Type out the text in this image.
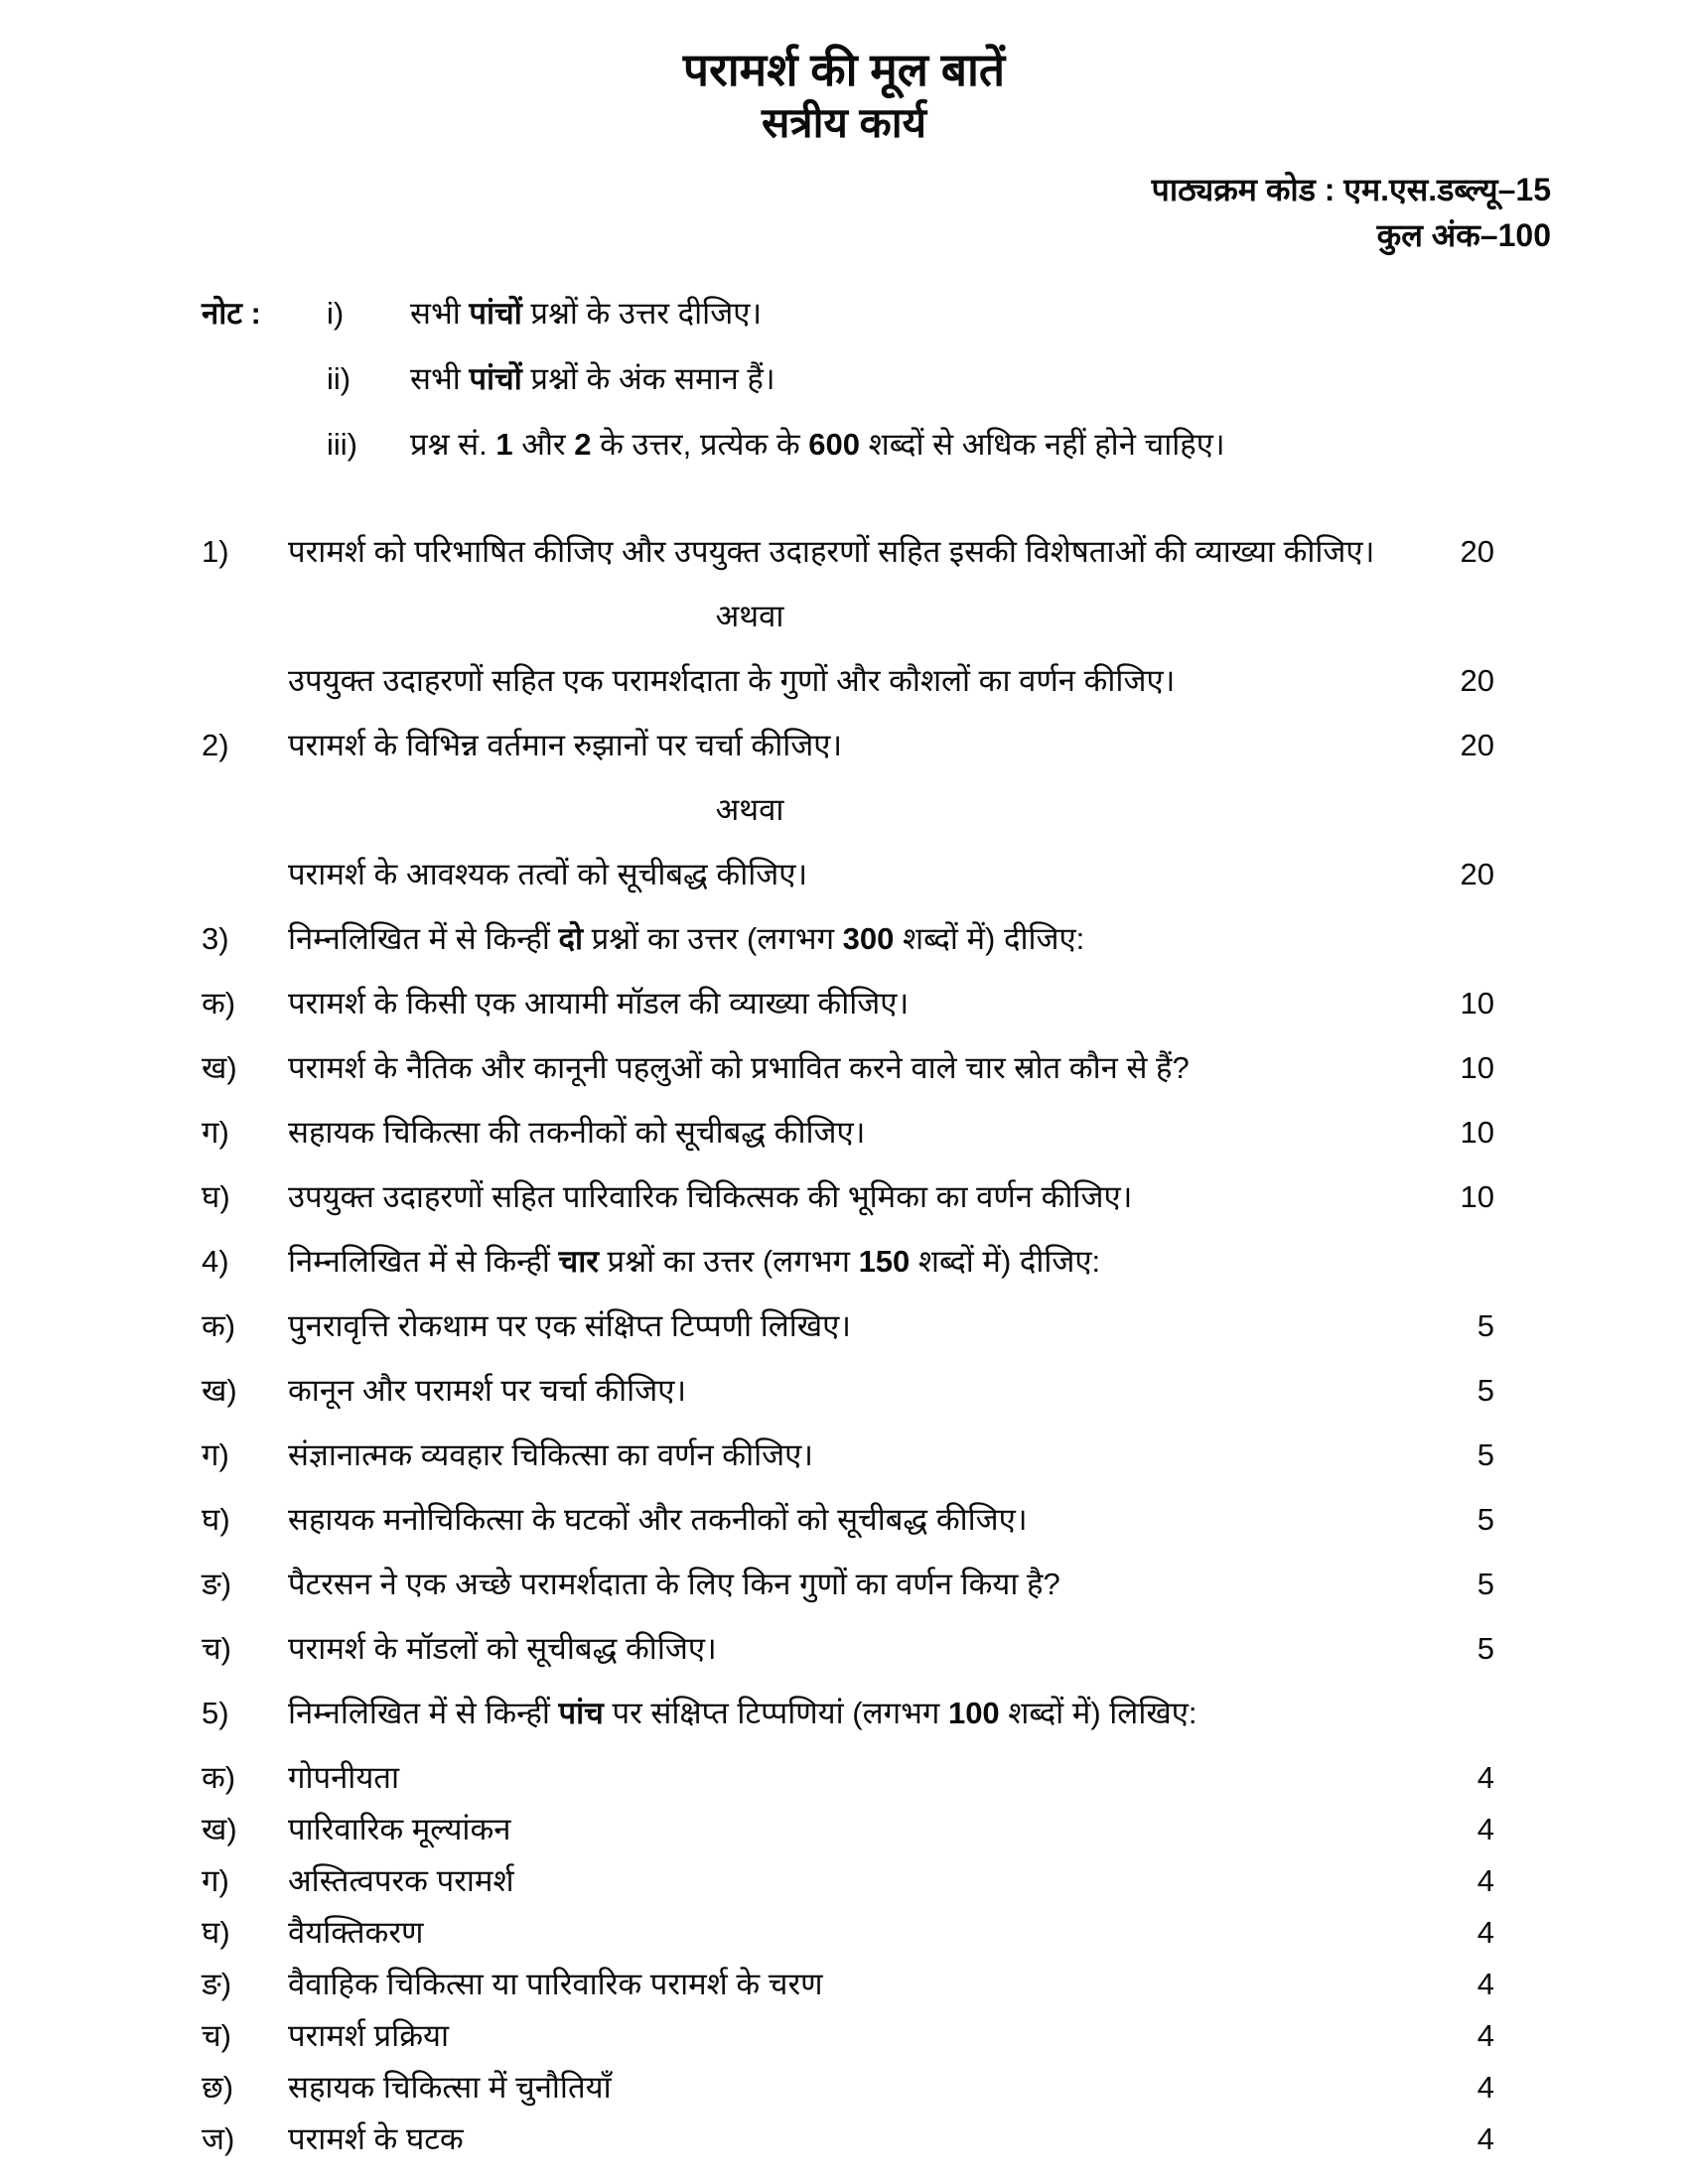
परामर्श की मूल बातें
सत्रीय कार्य
पाठ्यक्रम कोड : एम.एस.डब्ल्यू–15
कुल अंक–100
नोट :	i)	सभी पांचों प्रश्नों के उत्तर दीजिए।
ii)	सभी पांचों प्रश्नों के अंक समान हैं।
iii)	प्रश्न सं. 1 और 2 के उत्तर, प्रत्येक के 600 शब्दों से अधिक नहीं होने चाहिए।
1)	परामर्श को परिभाषित कीजिए और उपयुक्त उदाहरणों सहित इसकी विशेषताओं की व्याख्या कीजिए।	20
अथवा
उपयुक्त उदाहरणों सहित एक परामर्शदाता के गुणों और कौशलों का वर्णन कीजिए।	20
2)	परामर्श के विभिन्न वर्तमान रुझानों पर चर्चा कीजिए।	20
अथवा
परामर्श के आवश्यक तत्वों को सूचीबद्ध कीजिए।	20
3)	निम्नलिखित में से किन्हीं दो प्रश्नों का उत्तर (लगभग 300 शब्दों में) दीजिए:
क)	परामर्श के किसी एक आयामी मॉडल की व्याख्या कीजिए।	10
ख)	परामर्श के नैतिक और कानूनी पहलुओं को प्रभावित करने वाले चार स्रोत कौन से हैं?	10
ग)	सहायक चिकित्सा की तकनीकों को सूचीबद्ध कीजिए।	10
घ)	उपयुक्त उदाहरणों सहित पारिवारिक चिकित्सक की भूमिका का वर्णन कीजिए।	10
4)	निम्नलिखित में से किन्हीं चार प्रश्नों का उत्तर (लगभग 150 शब्दों में) दीजिए:
क)	पुनरावृत्ति रोकथाम पर एक संक्षिप्त टिप्पणी लिखिए।	5
ख)	कानून और परामर्श पर चर्चा कीजिए।	5
ग)	संज्ञानात्मक व्यवहार चिकित्सा का वर्णन कीजिए।	5
घ)	सहायक मनोचिकित्सा के घटकों और तकनीकों को सूचीबद्ध कीजिए।	5
ङ)	पैटरसन ने एक अच्छे परामर्शदाता के लिए किन गुणों का वर्णन किया है?	5
च)	परामर्श के मॉडलों को सूचीबद्ध कीजिए।	5
5)	निम्नलिखित में से किन्हीं पांच पर संक्षिप्त टिप्पणियां (लगभग 100 शब्दों में) लिखिए:
क)	गोपनीयता	4
ख)	पारिवारिक मूल्यांकन	4
ग)	अस्तित्वपरक परामर्श	4
घ)	वैयक्तिकरण	4
ङ)	वैवाहिक चिकित्सा या पारिवारिक परामर्श के चरण	4
च)	परामर्श प्रक्रिया	4
छ)	सहायक चिकित्सा में चुनौतियाँ	4
ज)	परामर्श के घटक	4
